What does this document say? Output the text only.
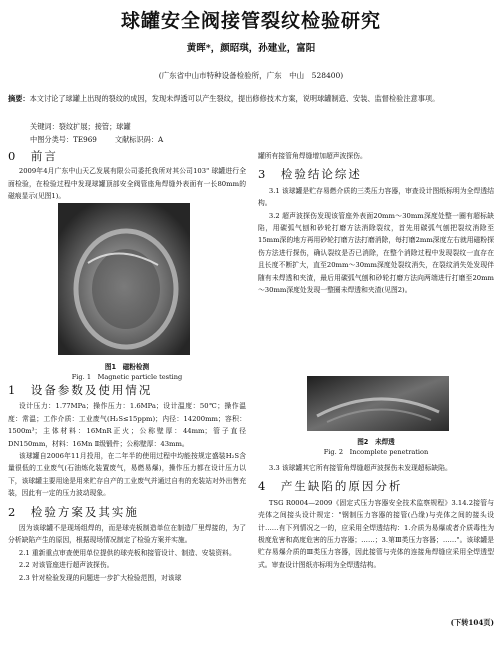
球罐安全阀接管裂纹检验研究
黄晖*，颜昭琪，孙建业，富阳
(广东省中山市特种设备检验所，广东　中山　528400)
摘要：本文讨论了球罐上出现的裂纹的成因，发现未焊透可以产生裂纹，提出修修技术方案，说明球罐制造、安装、监督检验注意事项。
关键词：裂纹扩展；接管；球罐
中图分类号：TE969	文献标识码：A
0　前言

2009年4月广东中山天乙发展有限公司委托我所对其公司103" 球罐进行全面检验，在检验过程中发现球罐顶部安全阀管座角焊缝外表面有一长80mm的磁痕显示(见图1)。

图1　磁粉检测
Fig. 1　Magnetic particle testing
1　设备参数及使用情况

设计压力：1.77MPa；操作压力：1.6MPa；设计温度：50℃；操作温度：常温；工作介质：工业废气(H₂S≤15ppm)；内径：14200mm；容积：1500m³；主体材料：16MnR正火；公称壁厚：44mm；管子直径DN150mm，材料：16Mn Ⅱ级锻件；公称壁厚：43mm。

该球罐自2006年11月投用，在二年半的使用过程中均能按规定盛装H₂S含量很低的工业废气(石油炼化装置废气，易燃易爆)，操作压力都在设计压力以下，该球罐主要用途是用来贮存自产的工业废气并通过自有的充装站对外出售充装，因此有一定的压力波动现象。

2　检验方案及其实施

因为该球罐不是现场组焊的，而是球壳板制造单位在制造厂里焊接的，为了分析缺陷产生的原因，根据现场情况制定了检验方案并实施。

2.1 重新重点审查使用单位提供的球壳板和接管设计、制造、安装资料。

2.2 对该管座进行超声波探伤。

2.3 针对检验发现的问题进一步扩大检验范围，对该球

罐所有接管角焊缝增加超声波探伤。

3　检验结论综述

3.1 该球罐是贮存易燃介质的三类压力容器，审查设计图纸标明为全焊透结构。

3.2 超声波探伤发现该管座外表面20mm～30mm深度处整一圈有超标缺陷，用碳弧气刨和砂轮打磨方法消除裂纹，首先用碳弧气刨把裂纹消除至15mm深的地方再用砂轮打磨方法打磨消除，每打磨2mm深度左右就用磁粉探伤方法进行探伤，确认裂纹是否已消除，在整个消除过程中发现裂纹一直存在且长度不断扩大，直至20mm～30mm深度处裂纹消失，在裂纹消失处发现伴随有未焊透和夹渣，最后用碳弧气刨和砂轮打磨方法向两端进行打磨至20mm～30mm深度处发现一整圈未焊透和夹渣(见图2)。

图2　未焊透
Fig. 2　Incomplete penetration

3.3 该球罐其它所有接管角焊缝超声波探伤未发现超标缺陷。

4　产生缺陷的原因分析

TSG R0004—2009《固定式压力容器安全技术监察规程》3.14.2接管与壳体之间接头设计规定："钢制压力容器的接管(凸缘)与壳体之间的接头设计……有下列情况之一的，应采用全焊透结构：1.介质为易爆或者介质毒性为极度危害和高度危害的压力容器；……；3.第Ⅲ类压力容器；……"。该球罐是贮存易爆介质的Ⅲ类压力容器，因此接管与壳体的连接角焊缝应采用全焊透型式。审查设计图纸亦标明为全焊透结构。

(下转104页)
